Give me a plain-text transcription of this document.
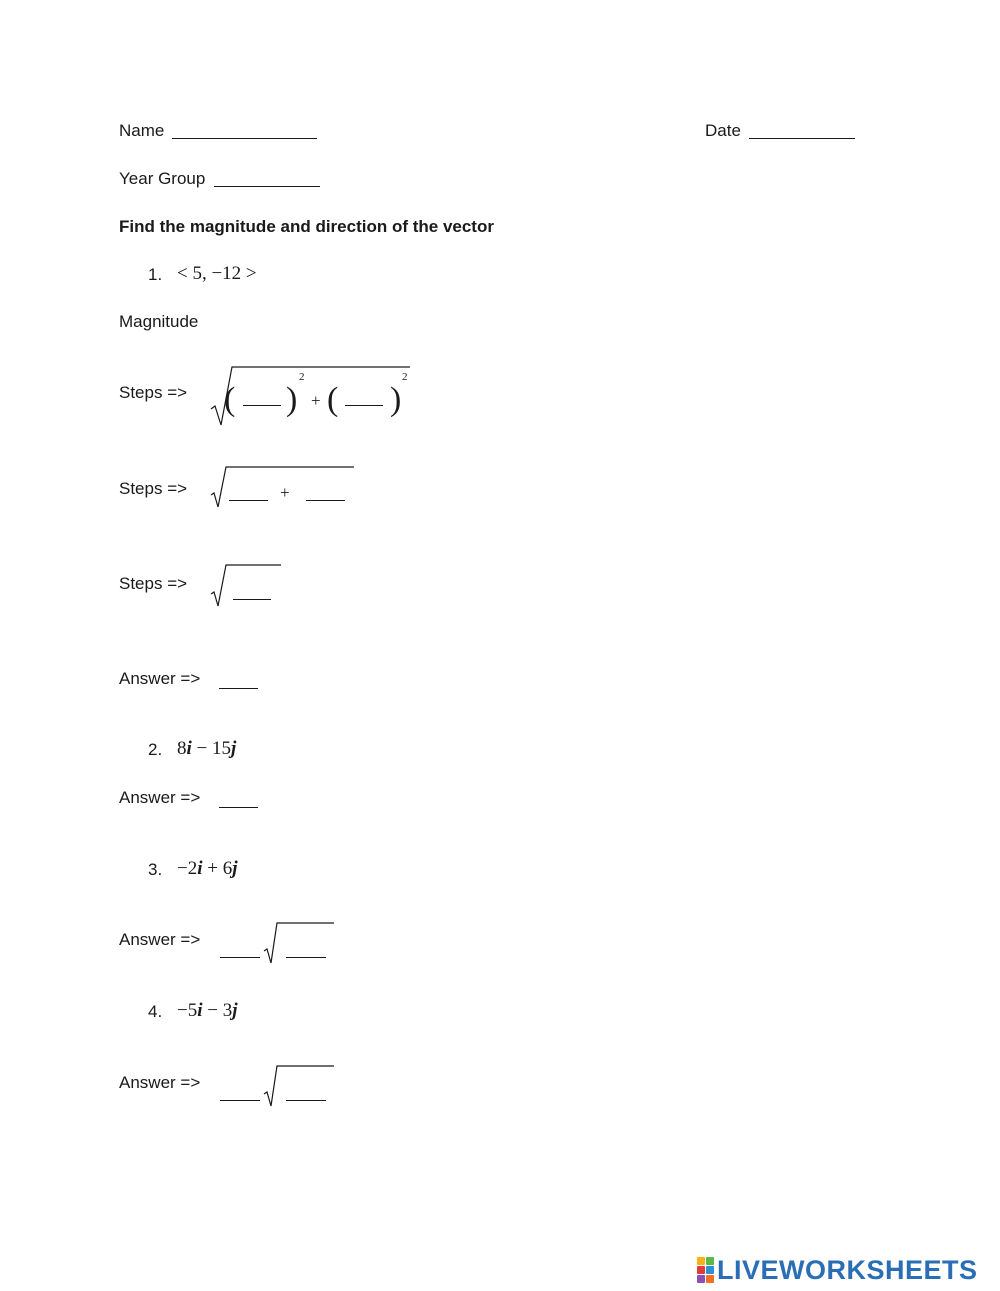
Name	Date
Year Group
Find the magnitude and direction of the vector
1. < 5, −12 >
Magnitude
Steps => ( )
2
+ ( )
2
Steps =>	+
Steps =>
Answer =>
2. 8i − 15j
Answer =>
3. −2i + 6j
Answer =>
4. −5i − 3j
Answer =>
LIVEWORKSHEETS
